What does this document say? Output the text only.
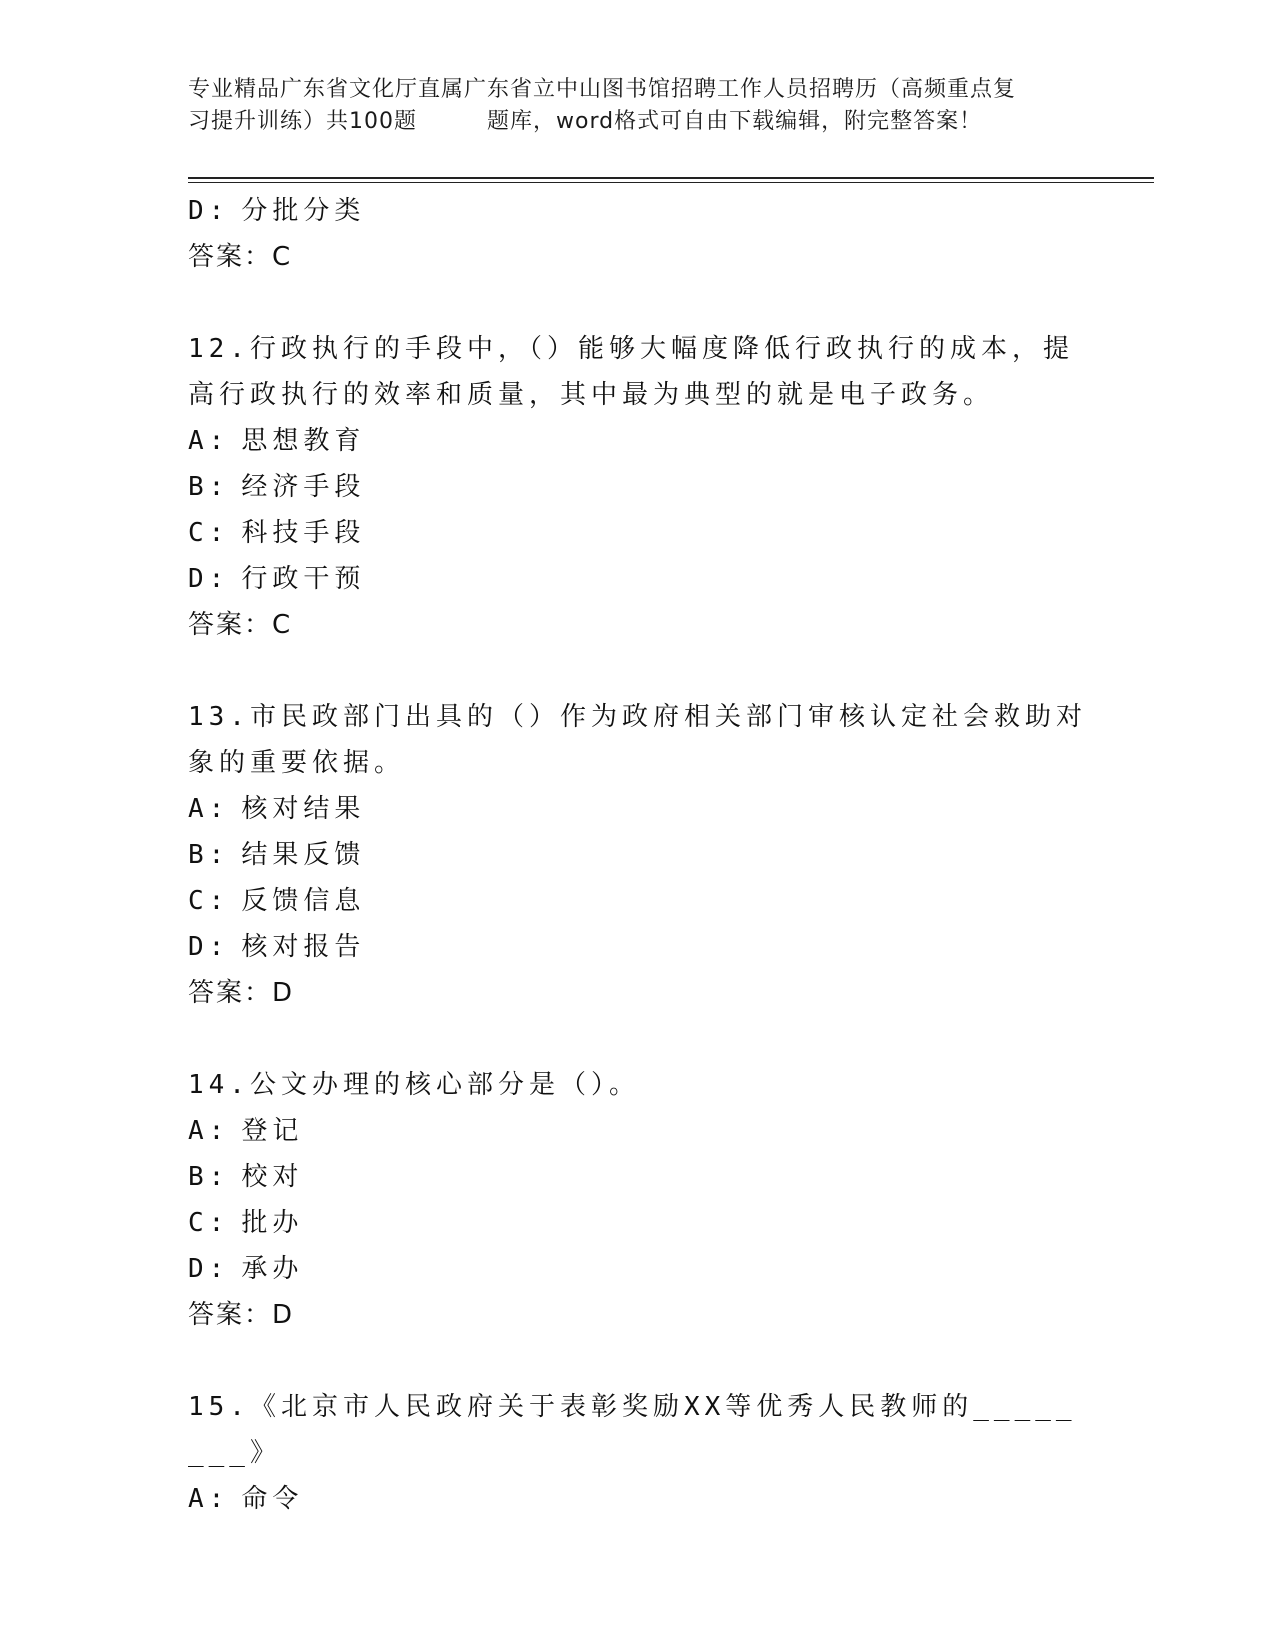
专业精品广东省文化厅直属广东省立中山图书馆招聘工作人员招聘历（高频重点复
习提升训练）共100题	题库，word格式可自由下载编辑，附完整答案！
D: 分批分类
答案：C
12.行政执行的手段中，（）能够大幅度降低行政执行的成本，提高行政执行的效率和质量，其中最为典型的就是电子政务。
A: 思想教育
B: 经济手段
C: 科技手段
D: 行政干预
答案：C
13.市民政部门出具的（）作为政府相关部门审核认定社会救助对象的重要依据。
A: 核对结果
B: 结果反馈
C: 反馈信息
D: 核对报告
答案：D
14.公文办理的核心部分是（）。
A: 登记
B: 校对
C: 批办
D: 承办
答案：D
15.《北京市人民政府关于表彰奖励XX等优秀人民教师的________》
A: 命令
